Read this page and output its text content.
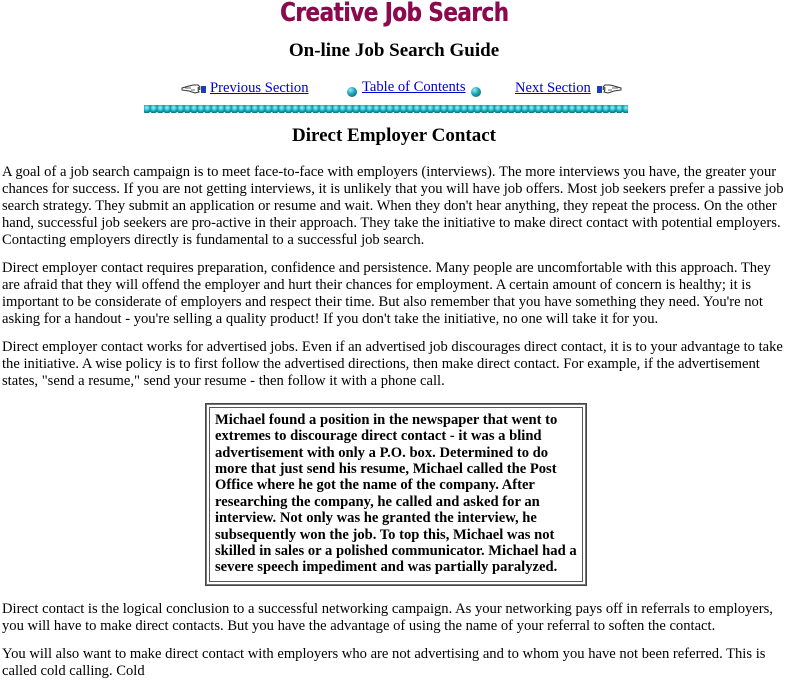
Creative Job Search
On-line Job Search Guide
Previous Section	Table of Contents	Next Section
Direct Employer Contact

A goal of a job search campaign is to meet face-to-face with employers (interviews). The more interviews you have, the greater your chances for success. If you are not getting interviews, it is unlikely that you will have job offers. Most job seekers prefer a passive job search strategy. They submit an application or resume and wait. When they don't hear anything, they repeat the process. On the other hand, successful job seekers are pro-active in their approach. They take the initiative to make direct contact with potential employers. Contacting employers directly is fundamental to a successful job search.

Direct employer contact requires preparation, confidence and persistence. Many people are uncomfortable with this approach. They are afraid that they will offend the employer and hurt their chances for employment. A certain amount of concern is healthy; it is important to be considerate of employers and respect their time. But also remember that you have something they need. You're not asking for a handout - you're selling a quality product! If you don't take the initiative, no one will take it for you.

Direct employer contact works for advertised jobs. Even if an advertised job discourages direct contact, it is to your advantage to take the initiative. A wise policy is to first follow the advertised directions, then make direct contact. For example, if the advertisement states, "send a resume," send your resume - then follow it with a phone call.

Michael found a position in the newspaper that went to extremes to discourage direct contact - it was a blind advertisement with only a P.O. box. Determined to do more that just send his resume, Michael called the Post Office where he got the name of the company. After researching the company, he called and asked for an interview. Not only was he granted the interview, he subsequently won the job. To top this, Michael was not skilled in sales or a polished communicator. Michael had a severe speech impediment and was partially paralyzed.

Direct contact is the logical conclusion to a successful networking campaign. As your networking pays off in referrals to employers, you will have to make direct contacts. But you have the advantage of using the name of your referral to soften the contact.

You will also want to make direct contact with employers who are not advertising and to whom you have not been referred. This is called cold calling. Cold
